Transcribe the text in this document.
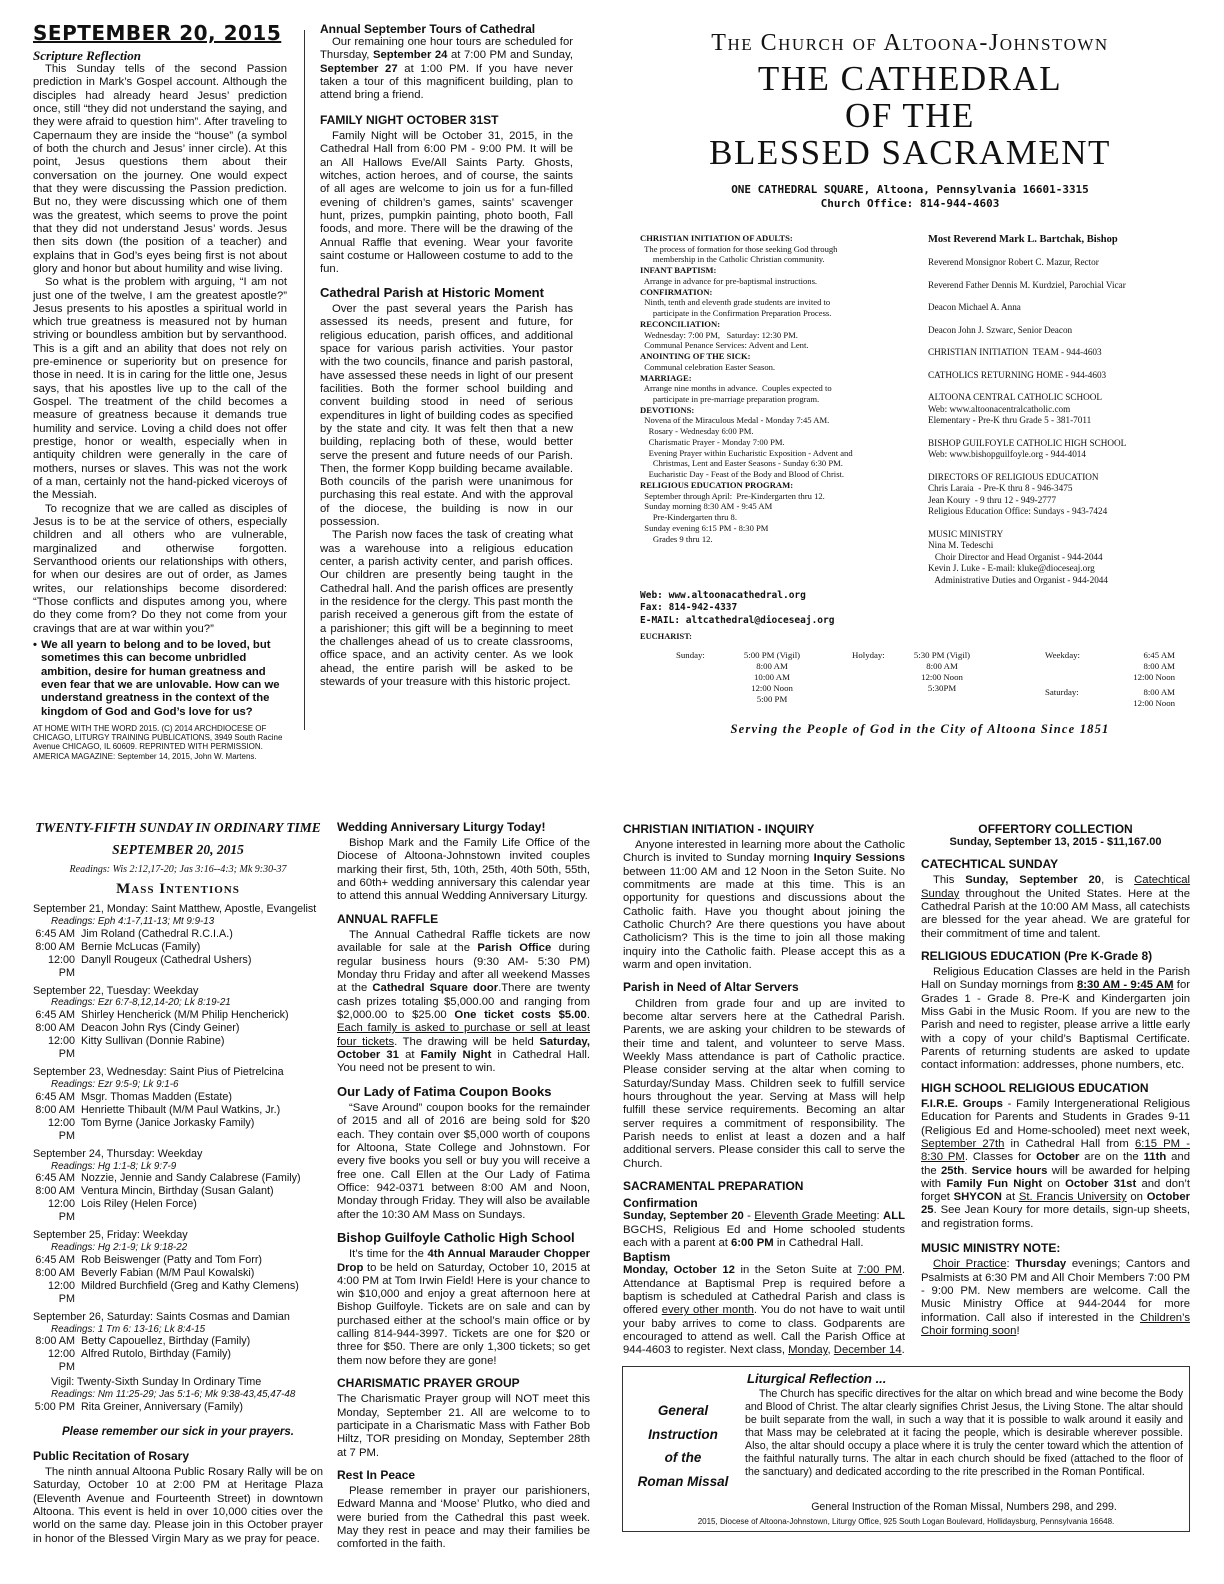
SEPTEMBER 20, 2015
Scripture Reflection

This Sunday tells of the second Passion prediction in Mark’s Gospel account. Although the disciples had already heard Jesus’ prediction once, still “they did not understand the saying, and they were afraid to question him”. After traveling to Capernaum they are inside the “house” (a symbol of both the church and Jesus’ inner circle). At this point, Jesus questions them about their conversation on the journey. One would expect that they were discussing the Passion prediction. But no, they were discussing which one of them was the greatest, which seems to prove the point that they did not understand Jesus’ words. Jesus then sits down (the position of a teacher) and explains that in God’s eyes being first is not about glory and honor but about humility and wise living.

So what is the problem with arguing, “I am not just one of the twelve, I am the greatest apostle?” Jesus presents to his apostles a spiritual world in which true greatness is measured not by human striving or boundless ambition but by servanthood. This is a gift and an ability that does not rely on pre-eminence or superiority but on presence for those in need. It is in caring for the little one, Jesus says, that his apostles live up to the call of the Gospel. The treatment of the child becomes a measure of greatness because it demands true humility and service. Loving a child does not offer prestige, honor or wealth, especially when in antiquity children were generally in the care of mothers, nurses or slaves. This was not the work of a man, certainly not the hand-picked viceroys of the Messiah.

To recognize that we are called as disciples of Jesus is to be at the service of others, especially children and all others who are vulnerable, marginalized and otherwise forgotten. Servanthood orients our relationships with others, for when our desires are out of order, as James writes, our relationships become disordered: “Those conflicts and disputes among you, where do they come from? Do they not come from your cravings that are at war within you?”

• We all yearn to belong and to be loved, but sometimes this can become unbridled ambition, desire for human greatness and even fear that we are unlovable. How can we understand greatness in the context of the kingdom of God and God’s love for us?
AT HOME WITH THE WORD 2015. (C) 2014 ARCHDIOCESE OF CHICAGO, LITURGY TRAINING PUBLICATIONS, 3949 South Racine Avenue CHICAGO, IL 60609. REPRINTED WITH PERMISSION. AMERICA MAGAZINE: September 14, 2015, John W. Martens.
Annual September Tours of Cathedral

Our remaining one hour tours are scheduled for Thursday, September 24 at 7:00 PM and Sunday, September 27 at 1:00 PM. If you have never taken a tour of this magnificent building, plan to attend bring a friend.

FAMILY NIGHT OCTOBER 31ST

Family Night will be October 31, 2015, in the Cathedral Hall from 6:00 PM - 9:00 PM. It will be an All Hallows Eve/All Saints Party. Ghosts, witches, action heroes, and of course, the saints of all ages are welcome to join us for a fun-filled evening of children’s games, saints’ scavenger hunt, prizes, pumpkin painting, photo booth, Fall foods, and more. There will be the drawing of the Annual Raffle that evening. Wear your favorite saint costume or Halloween costume to add to the fun.

Cathedral Parish at Historic Moment

Over the past several years the Parish has assessed its needs, present and future, for religious education, parish offices, and additional space for various parish activities. Your pastor with the two councils, finance and parish pastoral, have assessed these needs in light of our present facilities. Both the former school building and convent building stood in need of serious expenditures in light of building codes as specified by the state and city. It was felt then that a new building, replacing both of these, would better serve the present and future needs of our Parish. Then, the former Kopp building became available. Both councils of the parish were unanimous for purchasing this real estate. And with the approval of the diocese, the building is now in our possession.

The Parish now faces the task of creating what was a warehouse into a religious education center, a parish activity center, and parish offices. Our children are presently being taught in the Cathedral hall. And the parish offices are presently in the residence for the clergy. This past month the parish received a generous gift from the estate of a parishioner; this gift will be a beginning to meet the challenges ahead of us to create classrooms, office space, and an activity center. As we look ahead, the entire parish will be asked to be stewards of your treasure with this historic project.

The Church of Altoona-Johnstown
THE CATHEDRAL
OF THE
BLESSED SACRAMENT
ONE CATHEDRAL SQUARE, Altoona, Pennsylvania 16601-3315
Church Office: 814-944-4603
CHRISTIAN INITIATION OF ADULTS:
The process of formation for those seeking God through
membership in the Catholic Christian community.
INFANT BAPTISM:
Arrange in advance for pre-baptismal instructions.
CONFIRMATION:
Ninth, tenth and eleventh grade students are invited to
participate in the Confirmation Preparation Process.
RECONCILIATION:
Wednesday: 7:00 PM,   Saturday: 12:30 PM.
Communal Penance Services: Advent and Lent.
ANOINTING OF THE SICK:
Communal celebration Easter Season.
MARRIAGE:
Arrange nine months in advance.  Couples expected to
participate in pre-marriage preparation program.
DEVOTIONS:
Novena of the Miraculous Medal - Monday 7:45 AM.
Rosary - Wednesday 6:00 PM.
Charismatic Prayer - Monday 7:00 PM.
Evening Prayer within Eucharistic Exposition - Advent and
Christmas, Lent and Easter Seasons - Sunday 6:30 PM.
Eucharistic Day - Feast of the Body and Blood of Christ.
RELIGIOUS EDUCATION PROGRAM:
September through April:  Pre-Kindergarten thru 12.
Sunday morning 8:30 AM - 9:45 AM
Pre-Kindergarten thru 8.
Sunday evening 6:15 PM - 8:30 PM
Grades 9 thru 12.
Web: www.altoonacathedral.org
Fax: 814-942-4337
E-MAIL: altcathedral@dioceseaj.org
Most Reverend Mark L. Bartchak, Bishop
Reverend Monsignor Robert C. Mazur, Rector
Reverend Father Dennis M. Kurdziel, Parochial Vicar
Deacon Michael A. Anna
Deacon John J. Szwarc, Senior Deacon
CHRISTIAN INITIATION  TEAM - 944-4603
CATHOLICS RETURNING HOME - 944-4603
ALTOONA CENTRAL CATHOLIC SCHOOL
Web: www.altoonacentralcatholic.com
Elementary - Pre-K thru Grade 5 - 381-7011
BISHOP GUILFOYLE CATHOLIC HIGH SCHOOL
Web: www.bishopguilfoyle.org - 944-4014
DIRECTORS OF RELIGIOUS EDUCATION
Chris Laraia  - Pre-K thru 8 - 946-3475
Jean Koury  - 9 thru 12 - 949-2777
Religious Education Office: Sundays - 943-7424
MUSIC MINISTRY
Nina M. Tedeschi
Choir Director and Head Organist - 944-2044
Kevin J. Luke - E-mail: kluke@dioceseaj.org
Administrative Duties and Organist - 944-2044
EUCHARIST:
Sunday:	5:00 PM (Vigil)
8:00 AM
10:00 AM
12:00 Noon
5:00 PM
Holyday:	5:30 PM (Vigil)
8:00 AM
12:00 Noon
5:30PM
Weekday:	6:45 AM
8:00 AM
12:00 Noon
Saturday:	8:00 AM
12:00 Noon
Serving the People of God in the City of Altoona Since 1851
TWENTY-FIFTH SUNDAY IN ORDINARY TIME
SEPTEMBER 20, 2015
Readings: Wis 2:12,17-20; Jas 3:16--4:3; Mk 9:30-37
Mass Intentions
September 21, Monday: Saint Matthew, Apostle, Evangelist
Readings: Eph 4:1-7,11-13; Mt 9:9-13
6:45 AM Jim Roland (Cathedral R.C.I.A.)
8:00 AM Bernie McLucas (Family)
12:00 PM
Danyll Rougeux (Cathedral Ushers)
September 22, Tuesday: Weekday
Readings: Ezr 6:7-8,12,14-20; Lk 8:19-21
6:45 AM Shirley Hencherick (M/M Philip Hencherick)
8:00 AM Deacon John Rys (Cindy Geiner)
12:00 PM
Kitty Sullivan (Donnie Rabine)
September 23, Wednesday: Saint Pius of Pietrelcina
Readings: Ezr 9:5-9; Lk 9:1-6
6:45 AM Msgr. Thomas Madden (Estate)
8:00 AM Henriette Thibault (M/M Paul Watkins, Jr.)
12:00 PM
Tom Byrne (Janice Jorkasky Family)
September 24, Thursday: Weekday
Readings: Hg 1:1-8; Lk 9:7-9
6:45 AM Nozzie, Jennie and Sandy Calabrese (Family)
8:00 AM Ventura Mincin, Birthday (Susan Galant)
12:00 PM
Lois Riley (Helen Force)
September 25, Friday: Weekday
Readings: Hg 2:1-9; Lk 9:18-22
6:45 AM Rob Beiswenger (Patty and Tom Forr)
8:00 AM Beverly Fabian (M/M Paul Kowalski)
12:00 PM
Mildred Burchfield (Greg and Kathy Clemens)
September 26, Saturday: Saints Cosmas and Damian
Readings: 1 Tm 6: 13-16; Lk 8:4-15
8:00 AM Betty Capouellez, Birthday (Family)
12:00 PM
Alfred Rutolo, Birthday (Family)
Vigil: Twenty-Sixth Sunday In Ordinary Time
Readings: Nm 11:25-29; Jas 5:1-6; Mk 9:38-43,45,47-48
5:00 PM Rita Greiner, Anniversary (Family)
Please remember our sick in your prayers.
Public Recitation of Rosary

The ninth annual Altoona Public Rosary Rally will be on Saturday, October 10 at 2:00 PM at Heritage Plaza (Eleventh Avenue and Fourteenth Street) in downtown Altoona. This event is held in over 10,000 cities over the world on the same day. Please join in this October prayer in honor of the Blessed Virgin Mary as we pray for peace.

Wedding Anniversary Liturgy Today!

Bishop Mark and the Family Life Office of the Diocese of Altoona-Johnstown invited couples marking their first, 5th, 10th, 25th, 40th 50th, 55th, and 60th+ wedding anniversary this calendar year to attend this annual Wedding Anniversary Liturgy.

ANNUAL RAFFLE

The Annual Cathedral Raffle tickets are now available for sale at the Parish Office during regular business hours (9:30 AM- 5:30 PM) Monday thru Friday and after all weekend Masses at the Cathedral Square door.There are twenty cash prizes totaling $5,000.00 and ranging from $2,000.00 to $25.00 One ticket costs $5.00. Each family is asked to purchase or sell at least four tickets. The drawing will be held Saturday, October 31 at Family Night in Cathedral Hall. You need not be present to win.

Our Lady of Fatima Coupon Books

“Save Around” coupon books for the remainder of 2015 and all of 2016 are being sold for $20 each. They contain over $5,000 worth of coupons for Altoona, State College and Johnstown. For every five books you sell or buy you will receive a free one. Call Ellen at the Our Lady of Fatima Office: 942-0371 between 8:00 AM and Noon, Monday through Friday. They will also be available after the 10:30 AM Mass on Sundays.

Bishop Guilfoyle Catholic High School

It’s time for the 4th Annual Marauder Chopper Drop to be held on Saturday, October 10, 2015 at 4:00 PM at Tom Irwin Field! Here is your chance to win $10,000 and enjoy a great afternoon here at Bishop Guilfoyle. Tickets are on sale and can by purchased either at the school’s main office or by calling 814-944-3997. Tickets are one for $20 or three for $50. There are only 1,300 tickets; so get them now before they are gone!

CHARISMATIC PRAYER GROUP

The Charismatic Prayer group will NOT meet this Monday, September 21. All are welcome to to participate in a Charismatic Mass with Father Bob Hiltz, TOR presiding on Monday, September 28th at 7 PM.

Rest In Peace

Please remember in prayer our parishioners, Edward Manna and ‘Moose’ Plutko, who died and were buried from the Cathedral this past week. May they rest in peace and may their families be comforted in the faith.

CHRISTIAN INITIATION - INQUIRY

Anyone interested in learning more about the Catholic Church is invited to Sunday morning Inquiry Sessions between 11:00 AM and 12 Noon in the Seton Suite. No commitments are made at this time. This is an opportunity for questions and discussions about the Catholic faith. Have you thought about joining the Catholic Church? Are there questions you have about Catholicism? This is the time to join all those making inquiry into the Catholic faith. Please accept this as a warm and open invitation.

Parish in Need of Altar Servers

Children from grade four and up are invited to become altar servers here at the Cathedral Parish. Parents, we are asking your children to be stewards of their time and talent, and volunteer to serve Mass. Weekly Mass attendance is part of Catholic practice. Please consider serving at the altar when coming to Saturday/Sunday Mass. Children seek to fulfill service hours throughout the year. Serving at Mass will help fulfill these service requirements. Becoming an altar server requires a commitment of responsibility. The Parish needs to enlist at least a dozen and a half additional servers. Please consider this call to serve the Church.

SACRAMENTAL PREPARATION
Confirmation
Sunday, September 20 - Eleventh Grade Meeting: ALL BGCHS, Religious Ed and Home schooled students each with a parent at 6:00 PM in Cathedral Hall.
Baptism
Monday, October 12 in the Seton Suite at 7:00 PM. Attendance at Baptismal Prep is required before a baptism is scheduled at Cathedral Parish and class is offered every other month. You do not have to wait until your baby arrives to come to class. Godparents are encouraged to attend as well. Call the Parish Office at 944-4603 to register. Next class, Monday, December 14.
OFFERTORY COLLECTION
Sunday, September 13, 2015 - $11,167.00
CATECHTICAL SUNDAY

This Sunday, September 20, is Catechtical Sunday throughout the United States. Here at the Cathedral Parish at the 10:00 AM Mass, all catechists are blessed for the year ahead. We are grateful for their commitment of time and talent.

RELIGIOUS EDUCATION (Pre K-Grade 8)

Religious Education Classes are held in the Parish Hall on Sunday mornings from 8:30 AM - 9:45 AM for Grades 1 - Grade 8. Pre-K and Kindergarten join Miss Gabi in the Music Room. If you are new to the Parish and need to register, please arrive a little early with a copy of your child’s Baptismal Certificate. Parents of returning students are asked to update contact information: addresses, phone numbers, etc.

HIGH SCHOOL RELIGIOUS EDUCATION
F.I.R.E. Groups - Family Intergenerational Religious Education for Parents and Students in Grades 9-11 (Religious Ed and Home-schooled) meet next week, September 27th in Cathedral Hall from 6:15 PM - 8:30 PM. Classes for October are on the 11th and the 25th. Service hours will be awarded for helping with Family Fun Night on October 31st and don’t forget SHYCON at St. Francis University on October 25. See Jean Koury for more details, sign-up sheets, and registration forms.
MUSIC MINISTRY NOTE:

Choir Practice: Thursday evenings; Cantors and Psalmists at 6:30 PM and All Choir Members 7:00 PM - 9:00 PM. New members are welcome. Call the Music Ministry Office at 944-2044 for more information. Call also if interested in the Children’s Choir forming soon!

General
Instruction
of the
Roman Missal
Liturgical Reflection ...
The Church has specific directives for the altar on which bread and wine become the Body and Blood of Christ. The altar clearly signifies Christ Jesus, the Living Stone. The altar should be built separate from the wall, in such a way that it is possible to walk around it easily and that Mass may be celebrated at it facing the people, which is desirable wherever possible. Also, the altar should occupy a place where it is truly the center toward which the attention of the faithful naturally turns. The altar in each church should be fixed (attached to the floor of the sanctuary) and dedicated according to the rite prescribed in the Roman Pontifical.
General Instruction of the Roman Missal, Numbers 298, and 299.
2015, Diocese of Altoona-Johnstown, Liturgy Office, 925 South Logan Boulevard, Hollidaysburg, Pennsylvania 16648.
